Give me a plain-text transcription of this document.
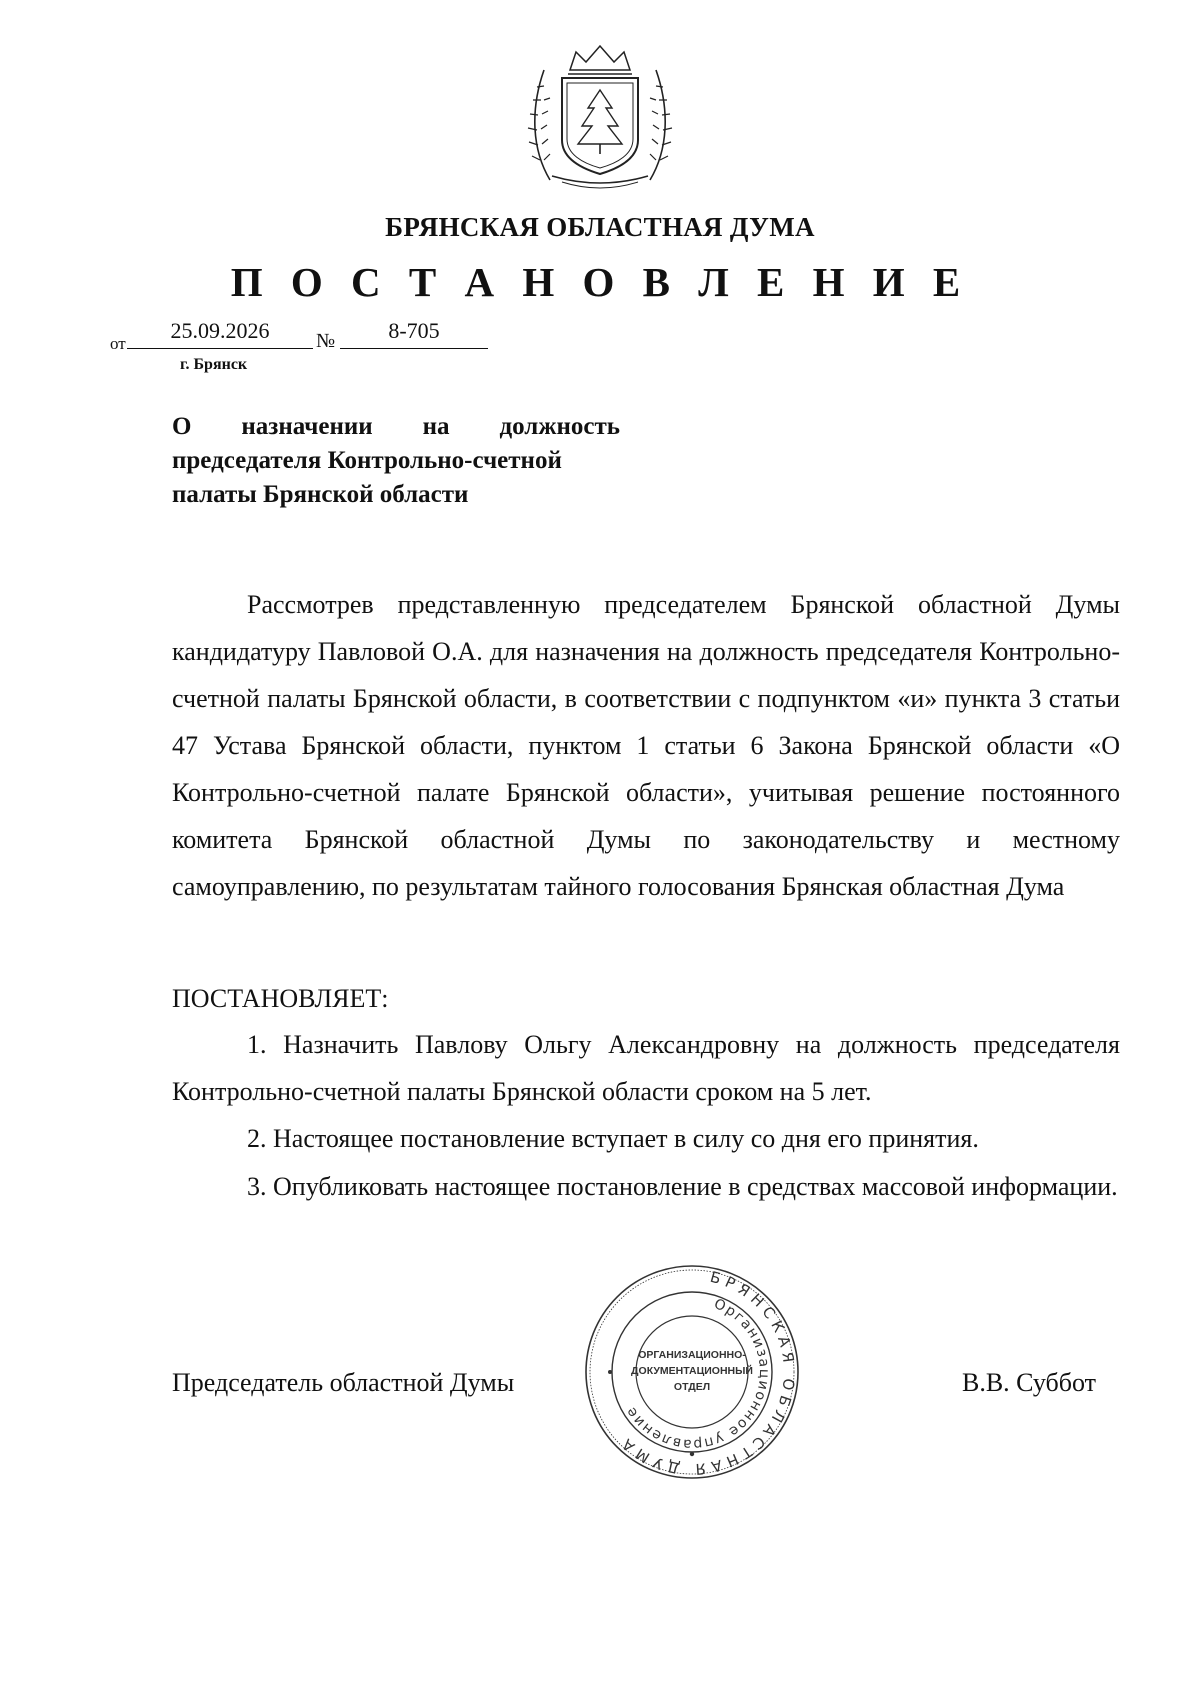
БРЯНСКАЯ ОБЛАСТНАЯ ДУМА
П О С Т А Н О В Л Е Н И Е
от
25.09.2026	№	8-705
г. Брянск
О назначении на должность
председателя Контрольно-счетной
палаты Брянской области
Рассмотрев представленную председателем Брянской областной Думы кандидатуру Павловой О.А. для назначения на должность председателя Контрольно-счетной палаты Брянской области, в соответствии с подпунктом «и» пункта 3 статьи 47 Устава Брянской области, пунктом 1 статьи 6 Закона Брянской области «О Контрольно-счетной палате Брянской области», учитывая решение постоянного комитета Брянской областной Думы по законодательству и местному самоуправлению, по результатам тайного голосования Брянская областная Дума
ПОСТАНОВЛЯЕТ:
1. Назначить Павлову Ольгу Александровну на должность председателя Контрольно-счетной палаты Брянской области сроком на 5 лет.
2. Настоящее постановление вступает в силу со дня его принятия.
3. Опубликовать настоящее постановление в средствах массовой информации.
Председатель областной Думы	В.В. Суббот
БРЯНСКАЯ ОБЛАСТНАЯ ДУМА
Организационное управление
ОРГАНИЗАЦИОННО-
ДОКУМЕНТАЦИОННЫЙ
ОТДЕЛ
